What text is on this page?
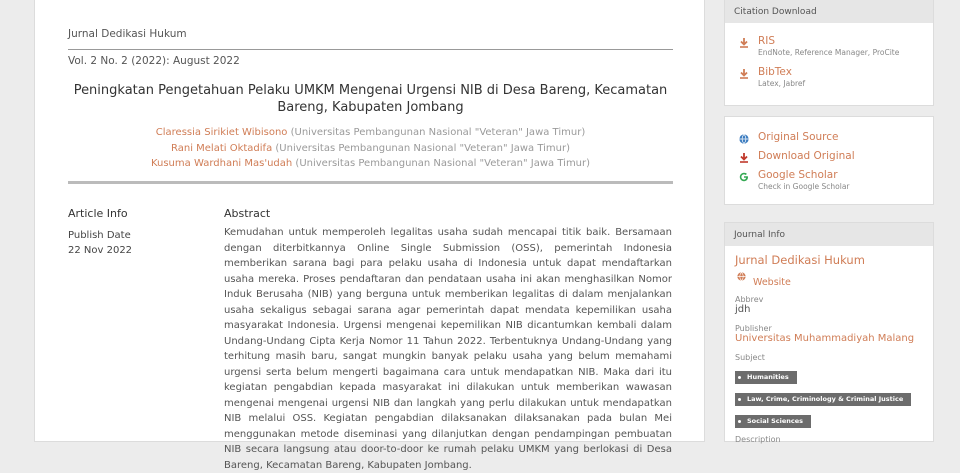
Jurnal Dedikasi Hukum
Vol. 2 No. 2 (2022): August 2022
Peningkatan Pengetahuan Pelaku UMKM Mengenai Urgensi NIB di Desa Bareng, Kecamatan Bareng, Kabupaten Jombang
Claressia Sirikiet Wibisono (Universitas Pembangunan Nasional "Veteran" Jawa Timur)
Rani Melati Oktadifa (Universitas Pembangunan Nasional "Veteran" Jawa Timur)
Kusuma Wardhani Mas'udah (Universitas Pembangunan Nasional "Veteran" Jawa Timur)
Article Info
Publish Date
22 Nov 2022
Abstract
Kemudahan untuk memperoleh legalitas usaha sudah mencapai titik baik. Bersamaan dengan diterbitkannya Online Single Submission (OSS), pemerintah Indonesia memberikan sarana bagi para pelaku usaha di Indonesia untuk dapat mendaftarkan usaha mereka. Proses pendaftaran dan pendataan usaha ini akan menghasilkan Nomor Induk Berusaha (NIB) yang berguna untuk memberikan legalitas di dalam menjalankan usaha sekaligus sebagai sarana agar pemerintah dapat mendata kepemilikan usaha masyarakat Indonesia. Urgensi mengenai kepemilikan NIB dicantumkan kembali dalam Undang-Undang Cipta Kerja Nomor 11 Tahun 2022. Terbentuknya Undang-Undang yang terhitung masih baru, sangat mungkin banyak pelaku usaha yang belum memahami urgensi serta belum mengerti bagaimana cara untuk mendapatkan NIB. Maka dari itu kegiatan pengabdian kepada masyarakat ini dilakukan untuk memberikan wawasan mengenai mengenai urgensi NIB dan langkah yang perlu dilakukan untuk mendapatkan NIB melalui OSS. Kegiatan pengabdian dilaksanakan dilaksanakan pada bulan Mei menggunakan metode diseminasi yang dilanjutkan dengan pendampingan pembuatan NIB secara langsung atau door-to-door ke rumah pelaku UMKM yang berlokasi di Desa Bareng, Kecamatan Bareng, Kabupaten Jombang.
Citation Download
RIS
EndNote, Reference Manager, ProCite
BibTex
Latex, Jabref
Original Source
Download Original
Google Scholar
Check in Google Scholar
Journal Info
Jurnal Dedikasi Hukum
Website
Abbrev
jdh
Publisher
Universitas Muhammadiyah Malang
Subject
Humanities
Law, Crime, Criminology & Criminal Justice
Social Sciences
Description
